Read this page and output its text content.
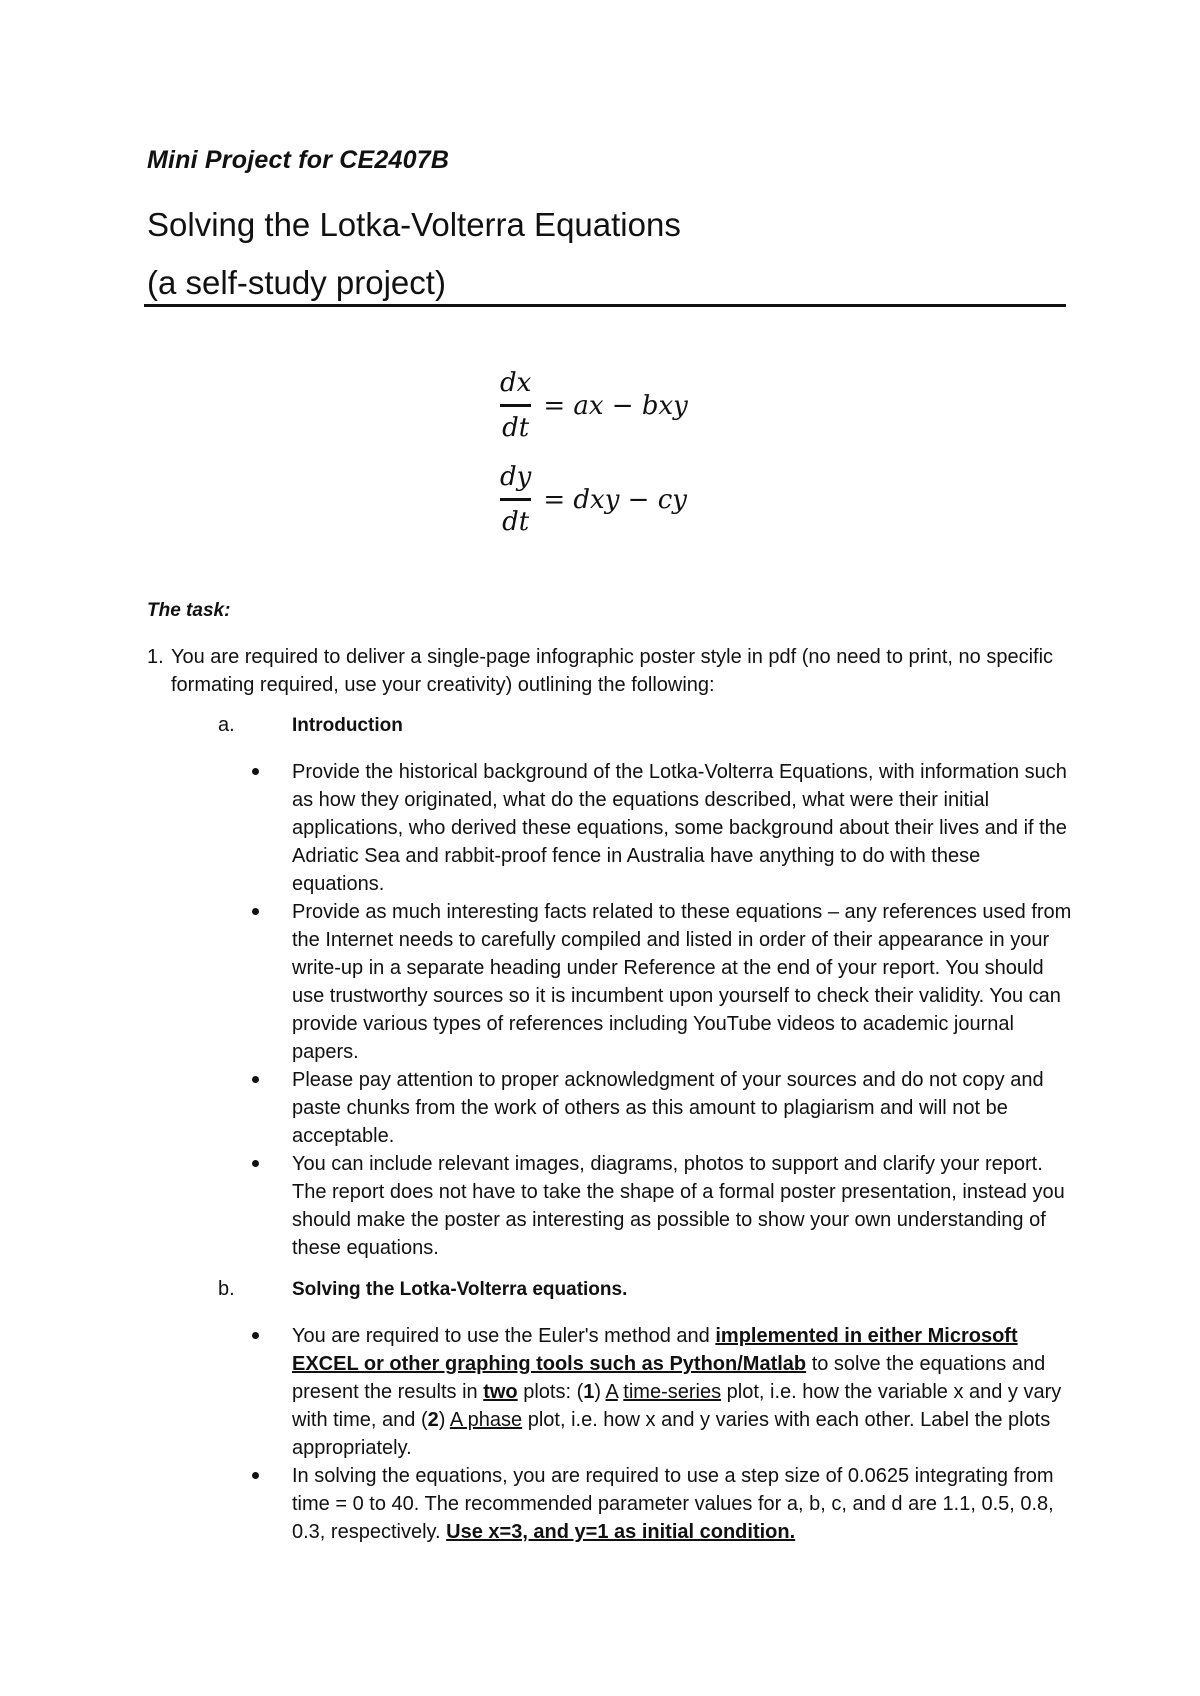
Mini Project for CE2407B

Solving the Lotka-Volterra Equations
(a self-study project)
$\frac{dx}{dt}$ = ax − bxy
$\frac{dy}{dt}$ = dxy − cy

The task:

1. You are required to deliver a single-page infographic poster style in pdf (no need to print, no specific formating required, use your creativity) outlining the following:
a.	Introduction

Provide the historical background of the Lotka-Volterra Equations, with information such as how they originated, what do the equations described, what were their initial applications, who derived these equations, some background about their lives and if the Adriatic Sea and rabbit-proof fence in Australia have anything to do with these equations.
Provide as much interesting facts related to these equations – any references used from the Internet needs to carefully compiled and listed in order of their appearance in your write-up in a separate heading under Reference at the end of your report. You should use trustworthy sources so it is incumbent upon yourself to check their validity. You can provide various types of references including YouTube videos to academic journal papers.
Please pay attention to proper acknowledgment of your sources and do not copy and paste chunks from the work of others as this amount to plagiarism and will not be acceptable.
You can include relevant images, diagrams, photos to support and clarify your report. The report does not have to take the shape of a formal poster presentation, instead you should make the poster as interesting as possible to show your own understanding of these equations.
b.	Solving the Lotka-Volterra equations.

You are required to use the Euler's method and implemented in either Microsoft EXCEL or other graphing tools such as Python/Matlab to solve the equations and present the results in two plots: (1) A time-series plot, i.e. how the variable x and y vary with time, and (2) A phase plot, i.e. how x and y varies with each other. Label the plots appropriately.
In solving the equations, you are required to use a step size of 0.0625 integrating from time = 0 to 40. The recommended parameter values for a, b, c, and d are 1.1, 0.5, 0.8, 0.3, respectively. Use x=3, and y=1 as initial condition.
